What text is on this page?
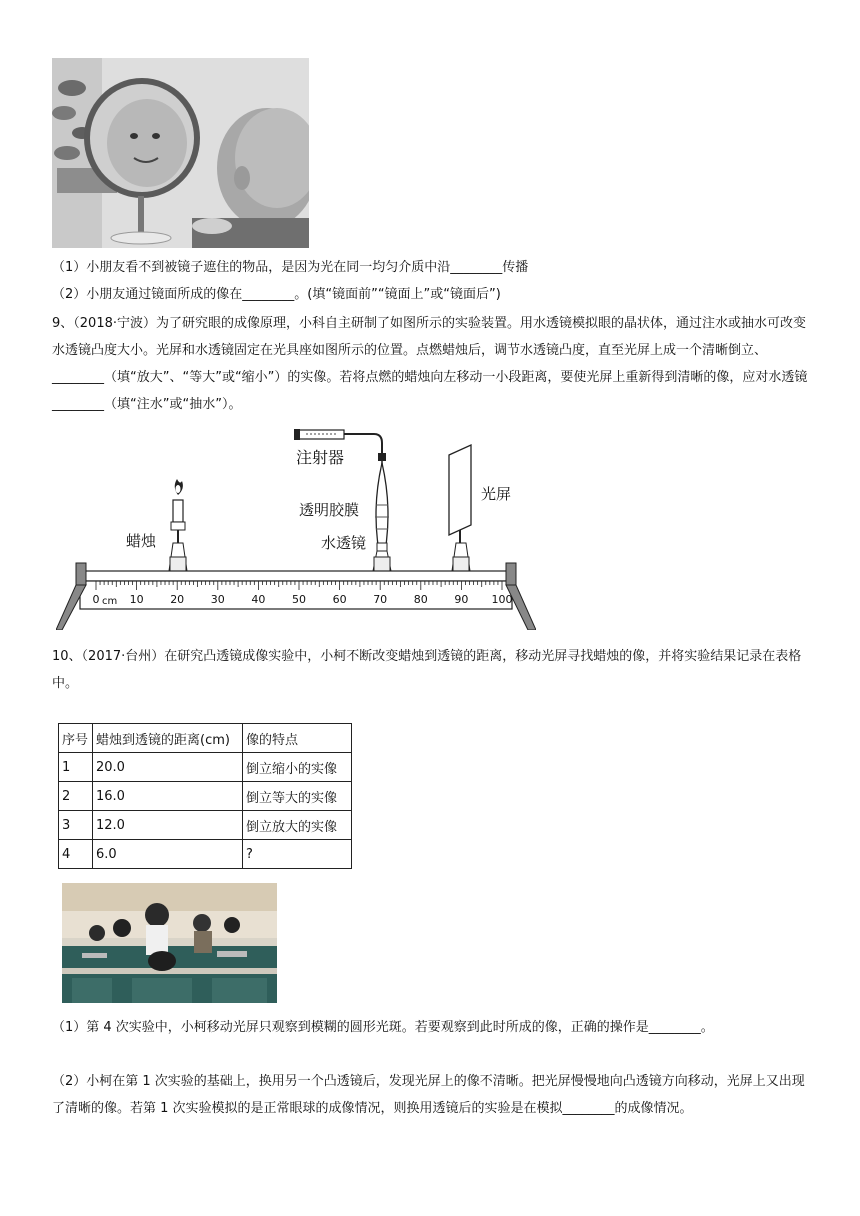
（1）小朋友看不到被镜子遮住的物品，是因为光在同一均匀介质中沿________传播
（2）小朋友通过镜面所成的像在________。(填“镜面前”“镜面上”或“镜面后”)
9、（2018·宁波）为了研究眼的成像原理，小科自主研制了如图所示的实验装置。用水透镜模拟眼的晶状体，通过注水或抽水可改变水透镜凸度大小。光屏和水透镜固定在光具座如图所示的位置。点燃蜡烛后，调节水透镜凸度，直至光屏上成一个清晰倒立、________（填“放大”、“等大”或“缩小”）的实像。若将点燃的蜡烛向左移动一小段距离，要使光屏上重新得到清晰的像，应对水透镜________（填“注水”或“抽水”）。
注射器
透明胶膜
光屏
蜡烛	水透镜
0	10 20 30 40 50 60 70 80 90 100
cm
10、（2017·台州）在研究凸透镜成像实验中，小柯不断改变蜡烛到透镜的距离，移动光屏寻找蜡烛的像，并将实验结果记录在表格中。
序号	蜡烛到透镜的距离(cm)	像的特点
1	20.0	倒立缩小的实像
2	16.0	倒立等大的实像
3	12.0	倒立放大的实像
4	6.0	?
（1）第 4 次实验中，小柯移动光屏只观察到模糊的圆形光斑。若要观察到此时所成的像，正确的操作是________。
（2）小柯在第 1 次实验的基础上，换用另一个凸透镜后，发现光屏上的像不清晰。把光屏慢慢地向凸透镜方向移动，光屏上又出现了清晰的像。若第 1 次实验模拟的是正常眼球的成像情况，则换用透镜后的实验是在模拟________的成像情况。
